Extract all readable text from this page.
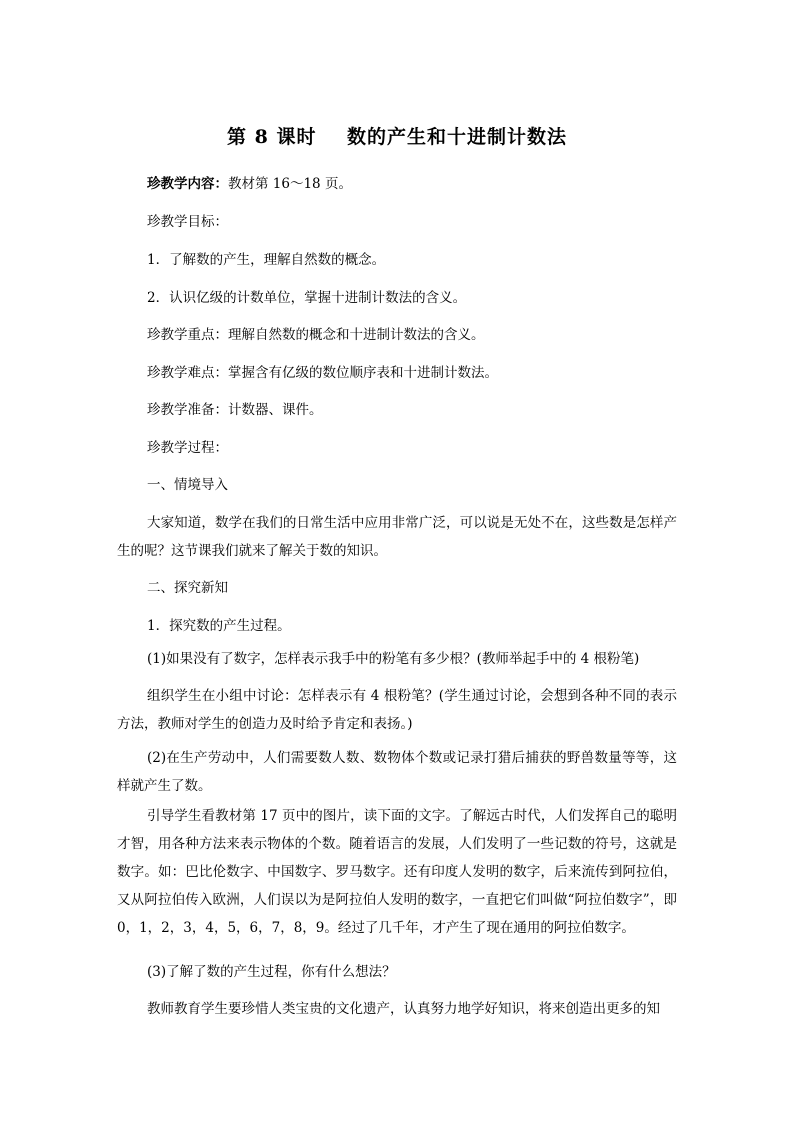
第 8 课时    数的产生和十进制计数法
珍教学内容：教材第 16～18 页。
珍教学目标：
1．了解数的产生，理解自然数的概念。
2．认识亿级的计数单位，掌握十进制计数法的含义。
珍教学重点：理解自然数的概念和十进制计数法的含义。
珍教学难点：掌握含有亿级的数位顺序表和十进制计数法。
珍教学准备：计数器、课件。
珍教学过程：
一、情境导入
大家知道，数学在我们的日常生活中应用非常广泛，可以说是无处不在，这些数是怎样产生的呢？这节课我们就来了解关于数的知识。
二、探究新知
1．探究数的产生过程。
(1)如果没有了数字，怎样表示我手中的粉笔有多少根？(教师举起手中的 4 根粉笔)
组织学生在小组中讨论：怎样表示有 4 根粉笔？(学生通过讨论，会想到各种不同的表示方法，教师对学生的创造力及时给予肯定和表扬。)
(2)在生产劳动中，人们需要数人数、数物体个数或记录打猎后捕获的野兽数量等等，这样就产生了数。
引导学生看教材第 17 页中的图片，读下面的文字。了解远古时代，人们发挥自己的聪明才智，用各种方法来表示物体的个数。随着语言的发展，人们发明了一些记数的符号，这就是数字。如：巴比伦数字、中国数字、罗马数字。还有印度人发明的数字，后来流传到阿拉伯，又从阿拉伯传入欧洲，人们误以为是阿拉伯人发明的数字，一直把它们叫做“阿拉伯数字”，即 0，1，2，3，4，5，6，7，8，9。经过了几千年，才产生了现在通用的阿拉伯数字。
(3)了解了数的产生过程，你有什么想法？
教师教育学生要珍惜人类宝贵的文化遗产，认真努力地学好知识，将来创造出更多的知
